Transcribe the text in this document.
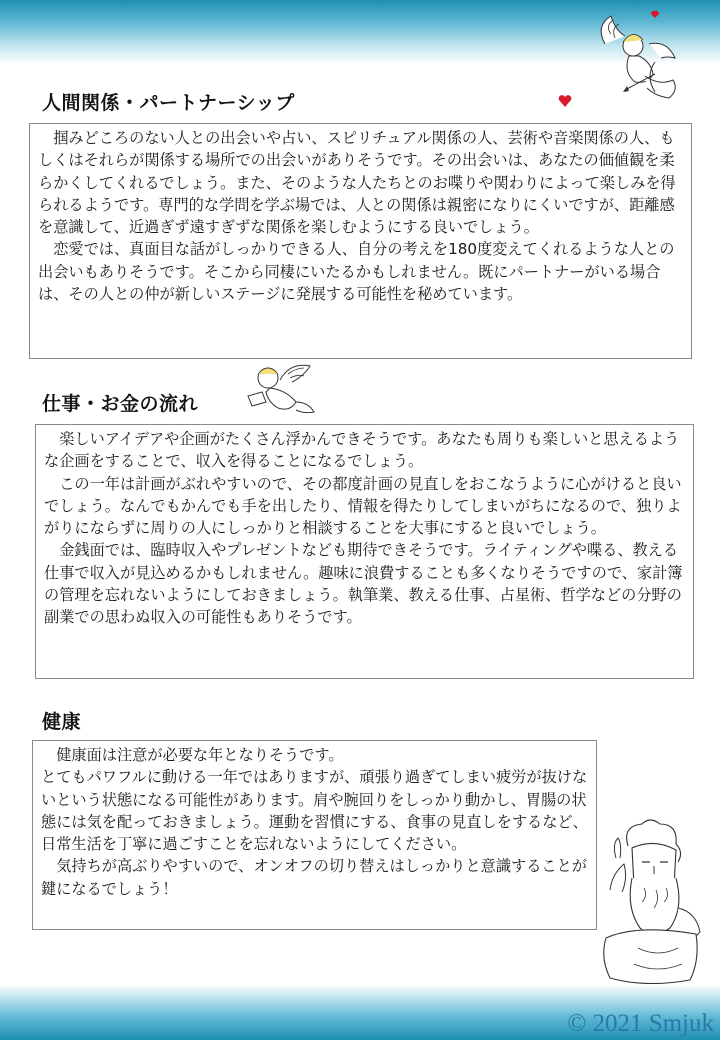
人間関係・パートナーシップ

掴みどころのない人との出会いや占い、スピリチュアル関係の人、芸術や音楽関係の人、もしくはそれらが関係する場所での出会いがありそうです。その出会いは、あなたの価値観を柔らかくしてくれるでしょう。また、そのような人たちとのお喋りや関わりによって楽しみを得られるようです。専門的な学問を学ぶ場では、人との関係は親密になりにくいですが、距離感を意識して、近過ぎず遠すぎずな関係を楽しむようにする良いでしょう。

恋愛では、真面目な話がしっかりできる人、自分の考えを180度変えてくれるような人との出会いもありそうです。そこから同棲にいたるかもしれません。既にパートナーがいる場合は、その人との仲が新しいステージに発展する可能性を秘めています。

仕事・お金の流れ

楽しいアイデアや企画がたくさん浮かんできそうです。あなたも周りも楽しいと思えるような企画をすることで、収入を得ることになるでしょう。

この一年は計画がぶれやすいので、その都度計画の見直しをおこなうように心がけると良いでしょう。なんでもかんでも手を出したり、情報を得たりしてしまいがちになるので、独りよがりにならずに周りの人にしっかりと相談することを大事にすると良いでしょう。

金銭面では、臨時収入やプレゼントなども期待できそうです。ライティングや喋る、教える仕事で収入が見込めるかもしれません。趣味に浪費することも多くなりそうですので、家計簿の管理を忘れないようにしておきましょう。執筆業、教える仕事、占星術、哲学などの分野の副業での思わぬ収入の可能性もありそうです。

健康

健康面は注意が必要な年となりそうです。

とてもパワフルに動ける一年ではありますが、頑張り過ぎてしまい疲労が抜けないという状態になる可能性があります。肩や腕回りをしっかり動かし、胃腸の状態には気を配っておきましょう。運動を習慣にする、食事の見直しをするなど、日常生活を丁寧に過ごすことを忘れないようにしてください。

気持ちが高ぶりやすいので、オンオフの切り替えはしっかりと意識することが鍵になるでしょう！

© 2021 Smjuk
